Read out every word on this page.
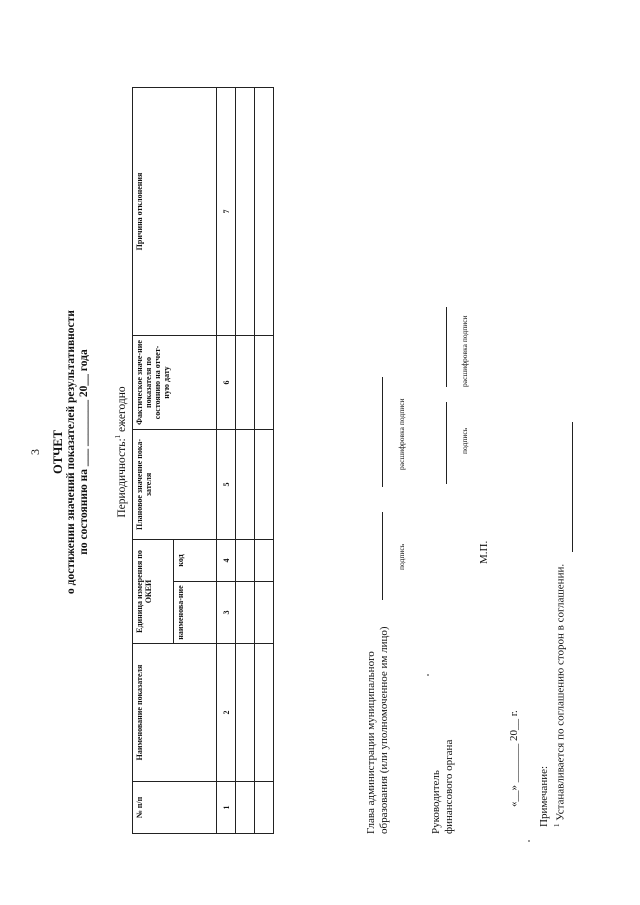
3 ОТЧЕТ о достижении значений показателей результативности по состоянию на ___ ________ 20__ года Периодичность:$^1$ ежегодно
№ п/п	Наименование показателя	Единица измерения по ОКЕИ		Плановое значение пока-зателя	Фактическое значе-ние показателя по состоянию на отчет-ную дату	Причина отклонения
		наименова-ние	код			
1	2	3	4	5	6	7

Глава администрации муниципального образования (или уполномоченное им лицо)
подпись
расшифровка подписи
Руководитель финансового органа
подпись
расшифровка подписи
М.П.
«__» _______ 20__ г. Примечание: $^1$ Устанавливается по соглашению сторон в соглашении.
